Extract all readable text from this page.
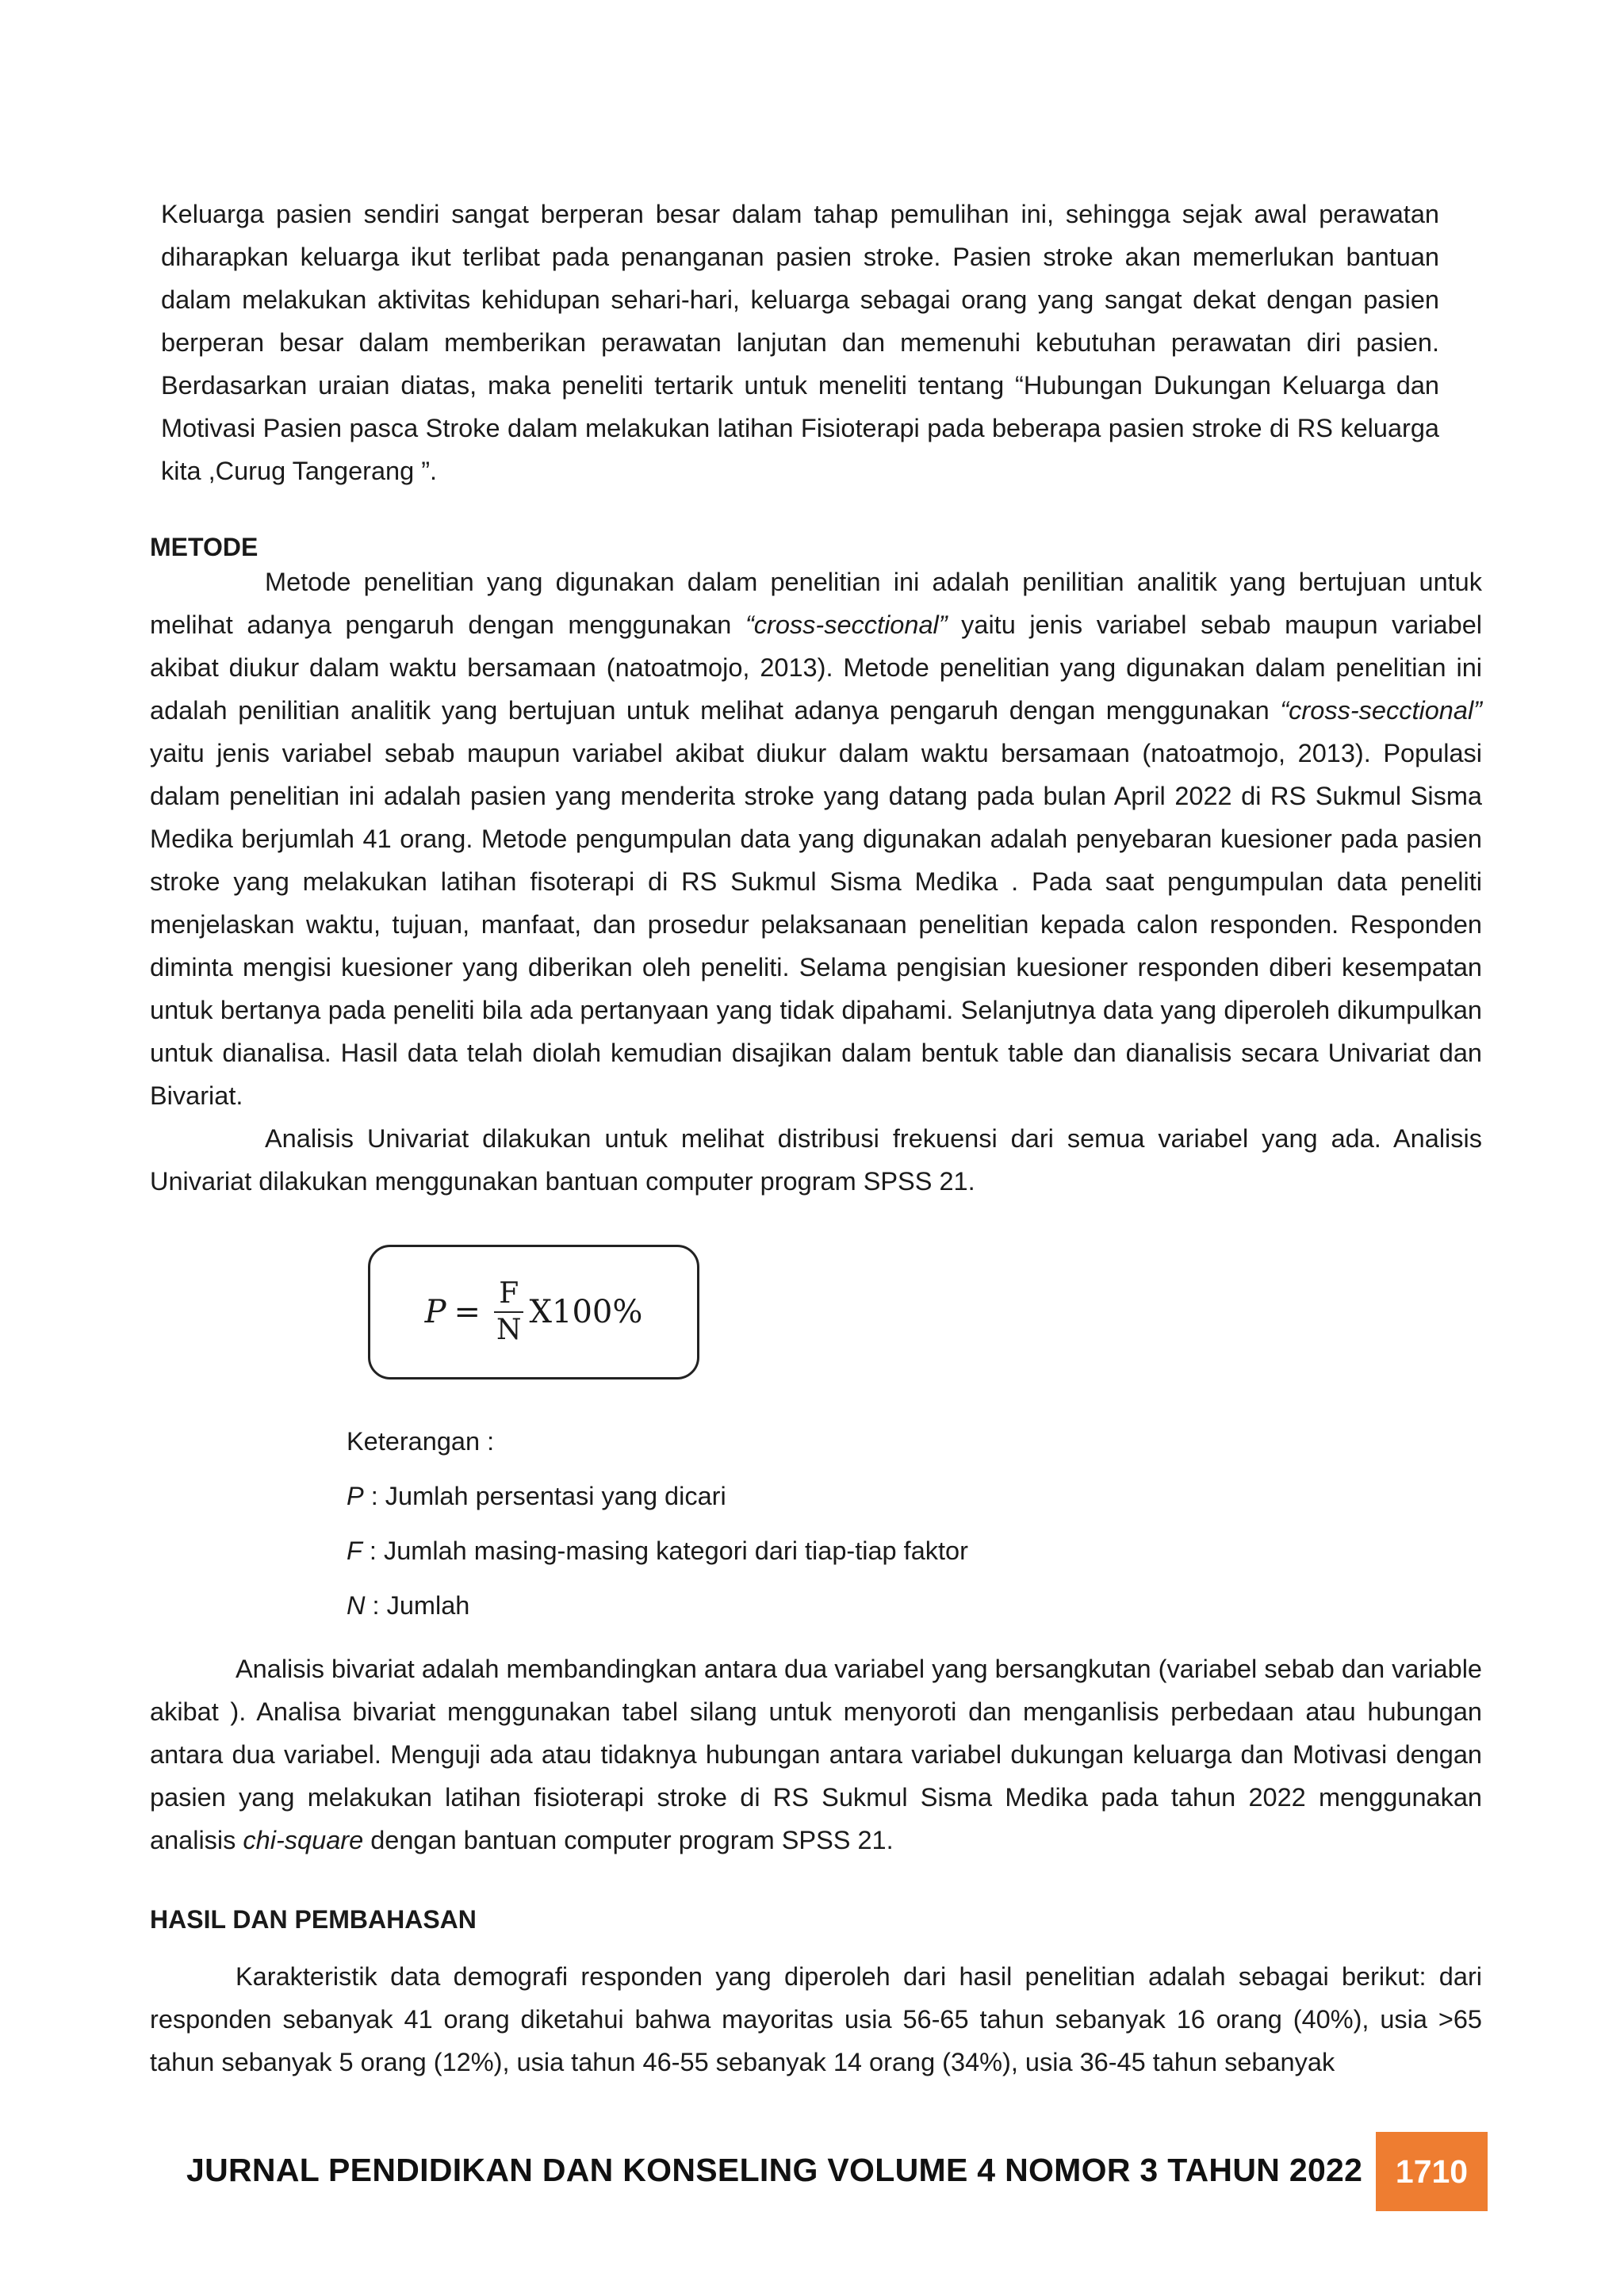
Keluarga pasien sendiri sangat berperan besar dalam tahap pemulihan ini, sehingga sejak awal perawatan diharapkan keluarga ikut terlibat pada penanganan pasien stroke. Pasien stroke akan memerlukan bantuan dalam melakukan aktivitas kehidupan sehari-hari, keluarga sebagai orang yang sangat dekat dengan pasien berperan besar dalam memberikan perawatan lanjutan dan memenuhi kebutuhan perawatan diri pasien. Berdasarkan uraian diatas, maka peneliti tertarik untuk meneliti tentang “Hubungan Dukungan Keluarga dan Motivasi Pasien pasca Stroke dalam melakukan latihan Fisioterapi pada beberapa pasien stroke di RS keluarga kita ,Curug Tangerang ”.

METODE

Metode penelitian yang digunakan dalam penelitian ini adalah penilitian analitik yang bertujuan untuk melihat adanya pengaruh dengan menggunakan “cross-secctional” yaitu jenis variabel sebab maupun variabel akibat diukur dalam waktu bersamaan (natoatmojo, 2013). Metode penelitian yang digunakan dalam penelitian ini adalah penilitian analitik yang bertujuan untuk melihat adanya pengaruh dengan menggunakan “cross-secctional” yaitu jenis variabel sebab maupun variabel akibat diukur dalam waktu bersamaan (natoatmojo, 2013). Populasi dalam penelitian ini adalah pasien yang menderita stroke yang datang pada bulan April 2022 di RS Sukmul Sisma Medika berjumlah 41 orang. Metode pengumpulan data yang digunakan adalah penyebaran kuesioner pada pasien stroke yang melakukan latihan fisoterapi di RS Sukmul Sisma Medika . Pada saat pengumpulan data peneliti menjelaskan waktu, tujuan, manfaat, dan prosedur pelaksanaan penelitian kepada calon responden. Responden diminta mengisi kuesioner yang diberikan oleh peneliti. Selama pengisian kuesioner responden diberi kesempatan untuk bertanya pada peneliti bila ada pertanyaan yang tidak dipahami. Selanjutnya data yang diperoleh dikumpulkan untuk dianalisa. Hasil data telah diolah kemudian disajikan dalam bentuk table dan dianalisis secara Univariat dan Bivariat.

Analisis Univariat dilakukan untuk melihat distribusi frekuensi dari semua variabel yang ada. Analisis Univariat dilakukan menggunakan bantuan computer program SPSS 21.

$P = \frac{F}{N} X100\%$
Keterangan :
P : Jumlah persentasi yang dicari
F : Jumlah masing-masing kategori dari tiap-tiap faktor
N : Jumlah

Analisis bivariat adalah membandingkan antara dua variabel yang bersangkutan (variabel sebab dan variable akibat ). Analisa bivariat menggunakan tabel silang untuk menyoroti dan menganlisis perbedaan atau hubungan antara dua variabel. Menguji ada atau tidaknya hubungan antara variabel dukungan keluarga dan Motivasi dengan pasien yang melakukan latihan fisioterapi stroke di RS Sukmul Sisma Medika pada tahun 2022 menggunakan analisis chi-square dengan bantuan computer program SPSS 21.

HASIL DAN PEMBAHASAN

Karakteristik data demografi responden yang diperoleh dari hasil penelitian adalah sebagai berikut: dari responden sebanyak 41 orang diketahui bahwa mayoritas usia 56-65 tahun sebanyak 16 orang (40%), usia >65 tahun sebanyak 5 orang (12%), usia tahun 46-55 sebanyak 14 orang (34%), usia 36-45 tahun sebanyak

JURNAL PENDIDIKAN DAN KONSELING VOLUME 4 NOMOR 3 TAHUN 2022 1710
